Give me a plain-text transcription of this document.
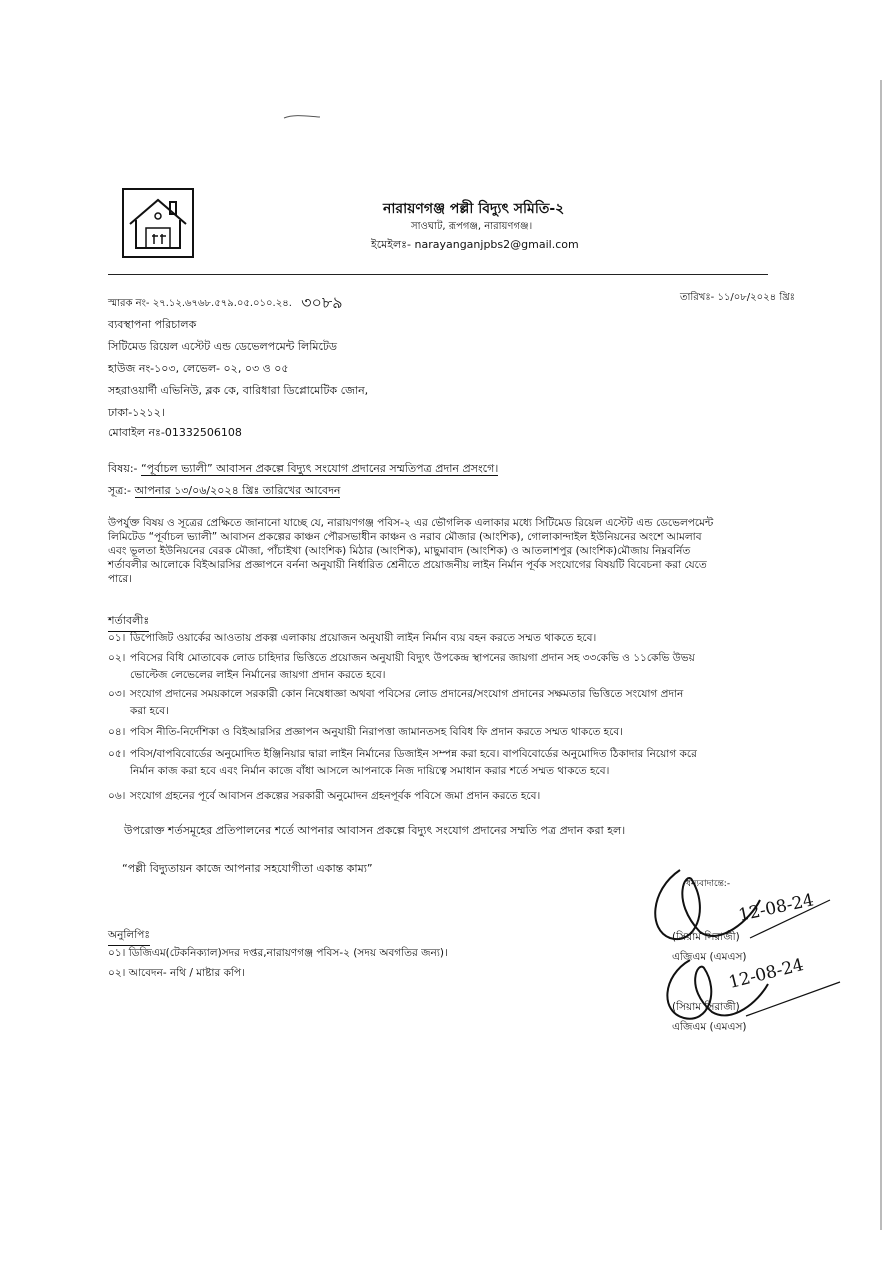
নারায়ণগঞ্জ পল্লী বিদ্যুৎ সমিতি-২
সাওঘাট, রূপগঞ্জ, নারায়ণগঞ্জ।
ইমেইলঃ- narayanganjpbs2@gmail.com
স্মারক নং- ২৭.১২.৬৭৬৮.৫৭৯.০৫.০১০.২৪. ৩০৮৯	তারিখঃ- ১১/০৮/২০২৪ খ্রিঃ
ব্যবস্থাপনা পরিচালক
সিটিমেড রিয়েল এস্টেট এন্ড ডেভেলপমেন্ট লিমিটেড
হাউজ নং-১০৩, লেভেল- ০২, ০৩ ও ০৫
সহরাওয়ার্দী এভিনিউ, ব্লক কে, বারিধারা ডিপ্লোমেটিক জোন,
ঢাকা-১২১২।
মোবাইল নঃ-01332506108
বিষয়:- “পূর্বাচল ভ্যালী” আবাসন প্রকল্পে বিদ্যুৎ সংযোগ প্রদানের সম্মতিপত্র প্রদান প্রসংগে।
সূত্র:- আপনার ১৩/০৬/২০২৪ খ্রিঃ তারিখের আবেদন
উপর্যুক্ত বিষয় ও সূত্রের প্রেক্ষিতে জানানো যাচ্ছে যে, নারায়ণগঞ্জ পবিস-২ এর ভৌগলিক এলাকার মধ্যে সিটিমেড রিয়েল এস্টেট এন্ড ডেভেলপমেন্ট
লিমিটেড “পূর্বাচল ভ্যালী” আবাসন প্রকল্পের কাঞ্চন পৌরসভাধীন কাঞ্চন ও নরাব মৌজার (আংশিক), গোলাকান্দাইল ইউনিয়নের অংশে আমলাব
এবং ভূলতা ইউনিয়নের বেরক মৌজা, পাঁচাইখা (আংশিক) মিঠার (আংশিক), মাছুমাবাদ (আংশিক) ও আতলাশপুর (আংশিক)মৌজায় নিম্নবর্নিত
শর্তাবলীর আলোকে বিইআরসির প্রজ্ঞাপনে বর্ননা অনুযায়ী নির্ধারিত শ্রেনীতে প্রয়োজনীয় লাইন নির্মান পূর্বক সংযোগের বিষয়টি বিবেচনা করা যেতে
পারে।
শর্তাবলীঃ
০১। ডিপোজিট ওয়ার্কের আওতায় প্রকল্প এলাকায় প্রয়োজন অনুযায়ী লাইন নির্মান ব্যয় বহন করতে সম্মত থাকতে হবে।
০২। পবিসের বিধি মোতাবেক লোড চাহিদার ভিত্তিতে প্রয়োজন অনুযায়ী বিদ্যুৎ উপকেন্দ্র স্থাপনের জায়গা প্রদান সহ ৩৩কেভি ও ১১কেভি উভয়
ভোল্টেজ লেভেলের লাইন নির্মানের জায়গা প্রদান করতে হবে।
০৩। সংযোগ প্রদানের সময়কালে সরকারী কোন নিষেধাজ্ঞা অথবা পবিসের লোড প্রদানের/সংযোগ প্রদানের সক্ষমতার ভিত্তিতে সংযোগ প্রদান
করা হবে।
০৪। পবিস নীতি-নির্দেশিকা ও বিইআরসির প্রজ্ঞাপন অনুযায়ী নিরাপত্তা জামানতসহ বিবিধ ফি প্রদান করতে সম্মত থাকতে হবে।
০৫। পবিস/বাপবিবোর্ডের অনুমোদিত ইঞ্জিনিয়ার দ্বারা লাইন নির্মানের ডিজাইন সম্পন্ন করা হবে। বাপবিবোর্ডের অনুমোদিত ঠিকাদার নিয়োগ করে
নির্মান কাজ করা হবে এবং নির্মান কাজে বাঁধা আসলে আপনাকে নিজ দায়িত্বে সমাধান করার শর্তে সম্মত থাকতে হবে।
০৬। সংযোগ গ্রহনের পূর্বে আবাসন প্রকল্পের সরকারী অনুমোদন গ্রহনপূর্বক পবিসে জমা প্রদান করতে হবে।
উপরোক্ত শর্তসমূহের প্রতিপালনের শর্তে আপনার আবাসন প্রকল্পে বিদ্যুৎ সংযোগ প্রদানের সম্মতি পত্র প্রদান করা হল।
“পল্লী বিদ্যুতায়ন কাজে আপনার সহযোগীতা একান্ত কাম্য”
ধন্যবাদান্তে:-
12-08-24
(সিয়াম সিরাজী)
এজিএম (এমএস)
12-08-24
(সিয়াম সিরাজী)
এজিএম (এমএস)
অনুলিপিঃ
০১। ডিজিএম(টেকনিক্যাল)সদর দপ্তর,নারায়ণগঞ্জ পবিস-২ (সদয় অবগতির জন্য)।
০২। আবেদন- নথি / মাষ্টার কপি।
